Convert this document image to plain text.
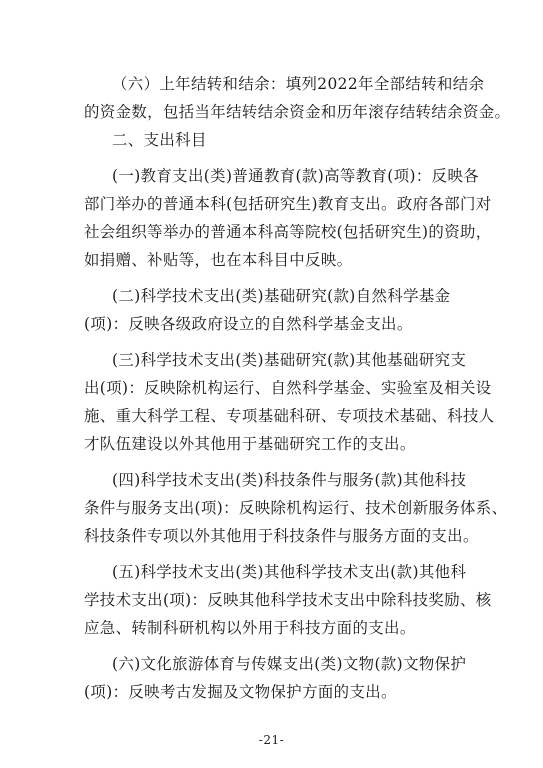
（六）上年结转和结余：填列2022年全部结转和结余
的资金数，包括当年结转结余资金和历年滚存结转结余资金。
二、支出科目
(一)教育支出(类)普通教育(款)高等教育(项)：反映各
部门举办的普通本科(包括研究生)教育支出。政府各部门对
社会组织等举办的普通本科高等院校(包括研究生)的资助，
如捐赠、补贴等，也在本科目中反映。
(二)科学技术支出(类)基础研究(款)自然科学基金
(项)：反映各级政府设立的自然科学基金支出。
(三)科学技术支出(类)基础研究(款)其他基础研究支
出(项)：反映除机构运行、自然科学基金、实验室及相关设
施、重大科学工程、专项基础科研、专项技术基础、科技人
才队伍建设以外其他用于基础研究工作的支出。
(四)科学技术支出(类)科技条件与服务(款)其他科技
条件与服务支出(项)：反映除机构运行、技术创新服务体系、
科技条件专项以外其他用于科技条件与服务方面的支出。
(五)科学技术支出(类)其他科学技术支出(款)其他科
学技术支出(项)：反映其他科学技术支出中除科技奖励、核
应急、转制科研机构以外用于科技方面的支出。
(六)文化旅游体育与传媒支出(类)文物(款)文物保护
(项)：反映考古发掘及文物保护方面的支出。
-21-
